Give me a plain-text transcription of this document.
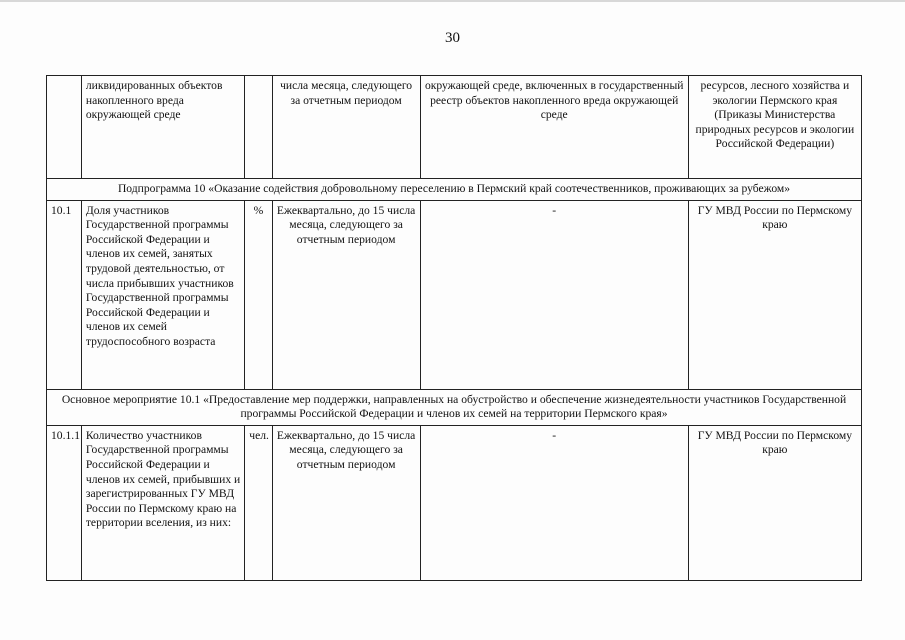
30
	ликвидированных объектов накопленного вреда окружающей среде		числа месяца, следующего за отчетным периодом	окружающей среде, включенных в государственный реестр объектов накопленного вреда окружающей среде	ресурсов, лесного хозяйства и экологии Пермского края (Приказы Министерства природных ресурсов и экологии Российской Федерации)
Подпрограмма 10 «Оказание содействия добровольному переселению в Пермский край соотечественников, проживающих за рубежом»					
10.1	Доля участников Государственной программы Российской Федерации и членов их семей, занятых трудовой деятельностью, от числа прибывших участников Государственной программы Российской Федерации и членов их семей трудоспособного возраста	%	Ежеквартально, до 15 числа месяца, следующего за отчетным периодом	-	ГУ МВД России по Пермскому краю
Основное мероприятие 10.1 «Предоставление мер поддержки, направленных на обустройство и обеспечение жизнедеятельности участников Государственной программы Российской Федерации и членов их семей на территории Пермского края»					
10.1.1	Количество участников Государственной программы Российской Федерации и членов их семей, прибывших и зарегистрированных ГУ МВД России по Пермскому краю на территории вселения, из них:	чел.	Ежеквартально, до 15 числа месяца, следующего за отчетным периодом	-	ГУ МВД России по Пермскому краю
